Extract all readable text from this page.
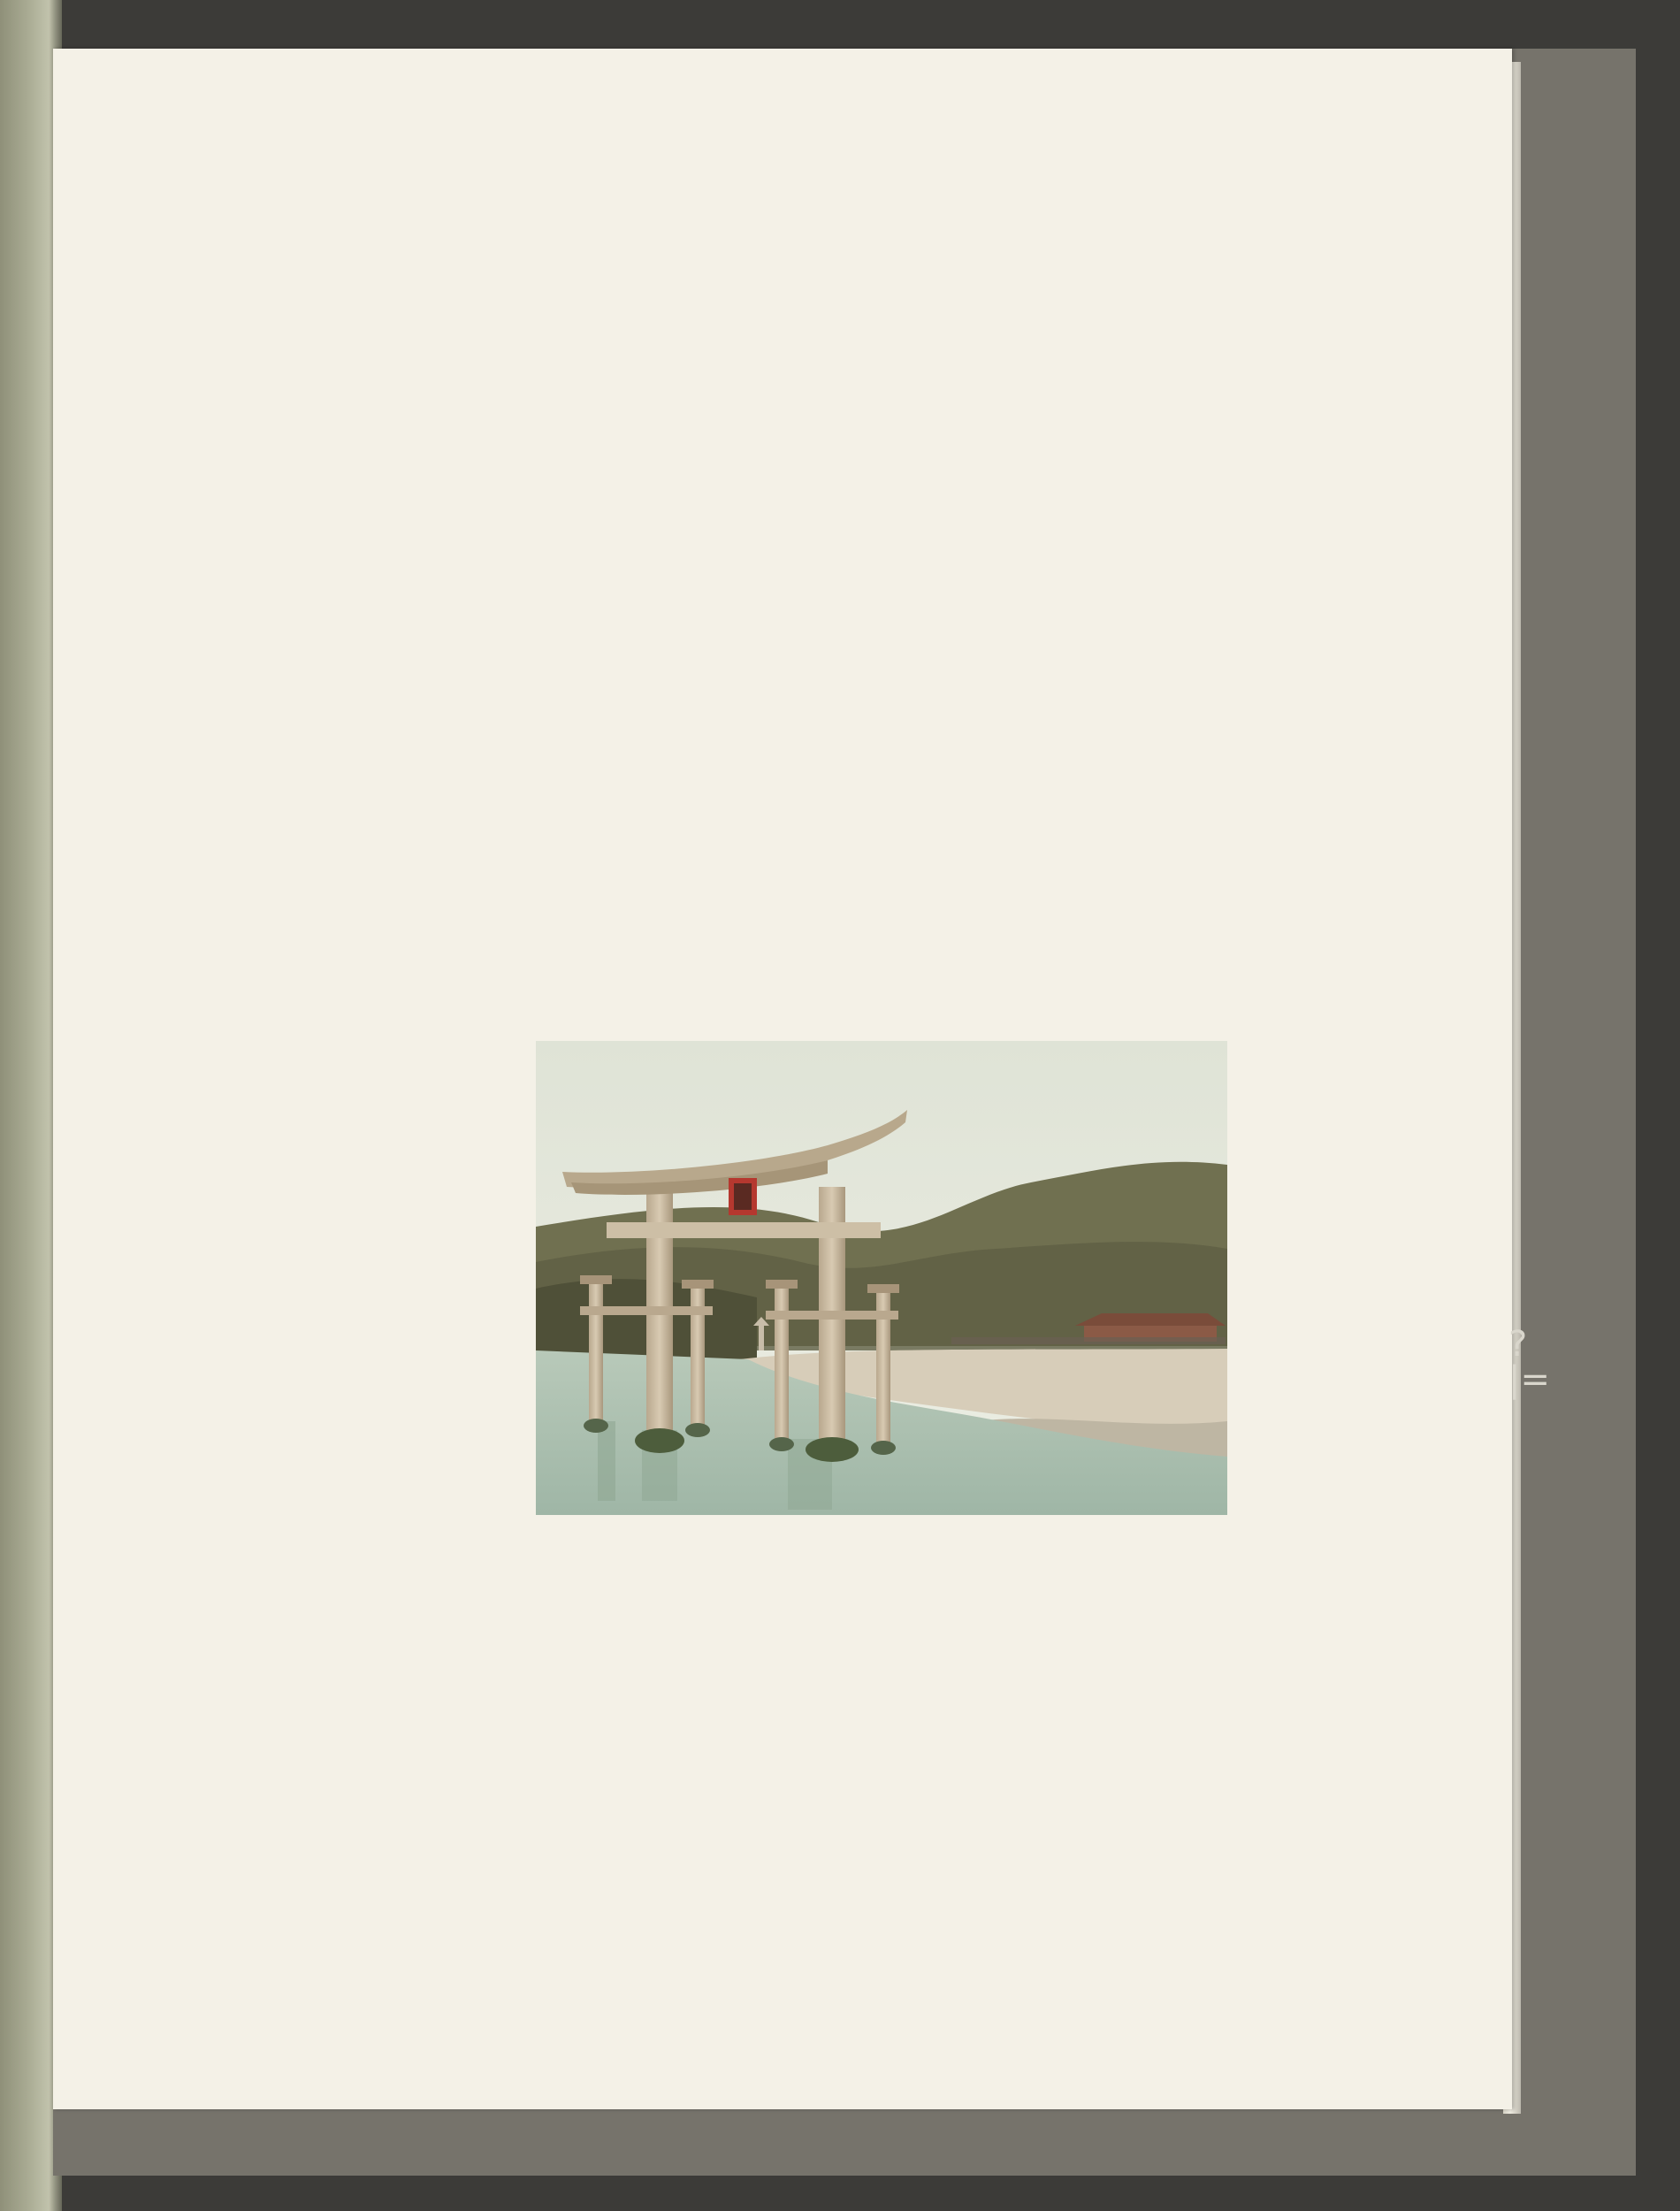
?
|=
